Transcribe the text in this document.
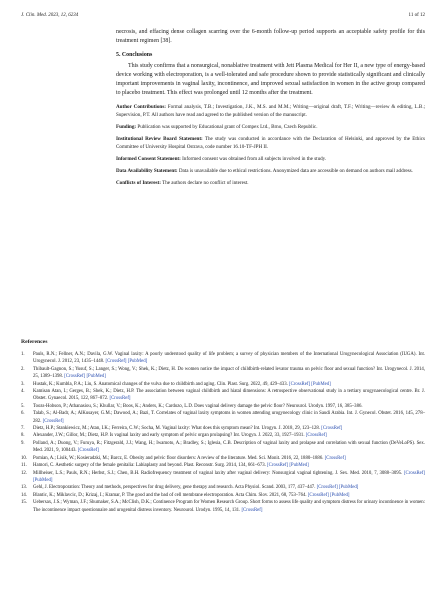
J. Clin. Med. 2023, 12, 6234	11 of 12

necrosis, and effacing dense collagen scarring over the 6-month follow-up period supports an acceptable safety profile for this treatment regimen [38].

5. Conclusions

This study confirms that a nonsurgical, nonablative treatment with Jett Plasma Medical for Her II, a new type of energy-based device working with electroporation, is a well-tolerated and safe procedure shown to provide statistically significant and clinically important improvements in vaginal laxity, incontinence, and improved sexual satisfaction in women in the active group compared to placebo treatment. This effect was prolonged until 12 months after the treatment.

Author Contributions: Formal analysis, T.B.; Investigation, J.K., M.S. and M.M.; Writing—original draft, T.F.; Writing—review & editing, L.B.; Supervision, P.T. All authors have read and agreed to the published version of the manuscript.

Funding: Publication was supported by Educational grant of Compex Ltd., Brno, Czech Republic.

Institutional Review Board Statement: The study was conducted in accordance with the Declaration of Helsinki, and approved by the Ethics Committee of University Hospital Ostrava, code number 16.10-TF-JPH II.

Informed Consent Statement: Informed consent was obtained from all subjects involved in the study.

Data Availability Statement: Data is unavailable due to ethical restrictions. Anonymized data are accessible on demand on authors mail address.

Conflicts of Interest: The authors declare no conflict of interest.

References
1. Pauls, R.N.; Fellner, A.N.; Davila, G.W. Vaginal laxity: A poorly understood quality of life problem; a survey of physician members of the International Urogynecological Association (IUGA). Int. Urogynecol. J. 2012, 23, 1435–1448. [CrossRef] [PubMed]
2. Thibault-Gagnon, S.; Yusuf, S.; Langer, S.; Wong, V.; Shek, K.; Dietz, H. Do women notice the impact of childbirth-related levator trauma on pelvic floor and sexual function? Int. Urogynecol. J. 2014, 25, 1389–1398. [CrossRef] [PubMed]
3. Hustak, K.; Kumbla, P.A.; Liu, S. Anatomical changes of the vulva due to childbirth and aging. Clin. Plast. Surg. 2022, 49, 429–433. [CrossRef] [PubMed]
4. Kamisan Atan, I.; Gerges, B.; Shek, K.; Dietz, H.P. The association between vaginal childbirth and hiatal dimensions: A retrospective observational study in a tertiary urogynaecological centre. Br. J. Obstet. Gynaecol. 2015, 122, 867–872. [CrossRef]
5. Toozs-Hobson, P.; Athanasiou, S.; Khullar, V.; Boos, K.; Anders, K.; Cardozo, L.D. Does vaginal delivery damage the pelvic floor? Neurourol. Urodyn. 1997, 16, 385–386.
6. Talab, S.; Al-Badr, A.; AlKusayer, G.M.; Dawood, A.; Bazi, T. Correlates of vaginal laxity symptoms in women attending urogynecology clinic in Saudi Arabia. Int. J. Gynecol. Obstet. 2016, 145, 278–282. [CrossRef]
7. Dietz, H.P.; Stankiewicz, M.; Atan, I.K.; Ferreira, C.W.; Socha, M. Vaginal laxity: What does this symptom mean? Int. Urogyn. J. 2018, 29, 123–128. [CrossRef]
8. Alexander, J.W.; Gillor, M.; Dietz, H.P. Is vaginal laxity and early symptom of pelvic organ prolapsing? Int. Urogyn. J. 2022, 33, 1927–1931. [CrossRef]
9. Polland, A.; Duong, V.; Furuya, R.; Fitzgerald, J.J.; Wang, H.; Iwamoto, A.; Bradley, S.; Iglesia, C.B. Description of vaginal laxity and prolapse and correlation with sexual function (DeVeLoPS). Sex. Med. 2021, 9, 100443. [CrossRef]
10. Pomian, A.; Lisik, W.; Kosieradzki, M.; Barcz, E. Obesity and pelvic floor disorders: A review of the literature. Med. Sci. Monit. 2016, 22, 1880–1886. [CrossRef]
11. Hamori, C. Aesthetic surgery of the female genitalia: Labiaplasty and beyond. Plast. Reconstr. Surg. 2014, 134, 661–673. [CrossRef] [PubMed]
12. Millheiser, L.S.; Pauls, R.N.; Herbst, S.J.; Chen, B.H. Radiofrequency treatment of vaginal laxity after vaginal delivery: Nonsurgical vaginal tightening. J. Sex. Med. 2010, 7, 3088–3095. [CrossRef] [PubMed]
13. Gehl, J. Electroporation: Theory and methods, perspectives for drug delivery, gene therapy and research. Acta Physiol. Scand. 2003, 177, 437–447. [CrossRef] [PubMed]
14. Blantic, K.; Miklavcic, D.; Krizaj, I.; Kramar, P. The good and the bad of cell membrane electroporation. Acta Chim. Slov. 2021, 68, 753–764. [CrossRef] [PubMed]
15. Uebersax, J.S.; Wyman, J.F.; Shumaker, S.A.; McClish, D.K.; Continence Program for Women Research Group. Short forms to assess life quality and symptom distress for urinary incontinence in women: The incontinence impact questionnaire and urogenital distress inventory. Neurourol. Urodyn. 1995, 14, 131. [CrossRef]
